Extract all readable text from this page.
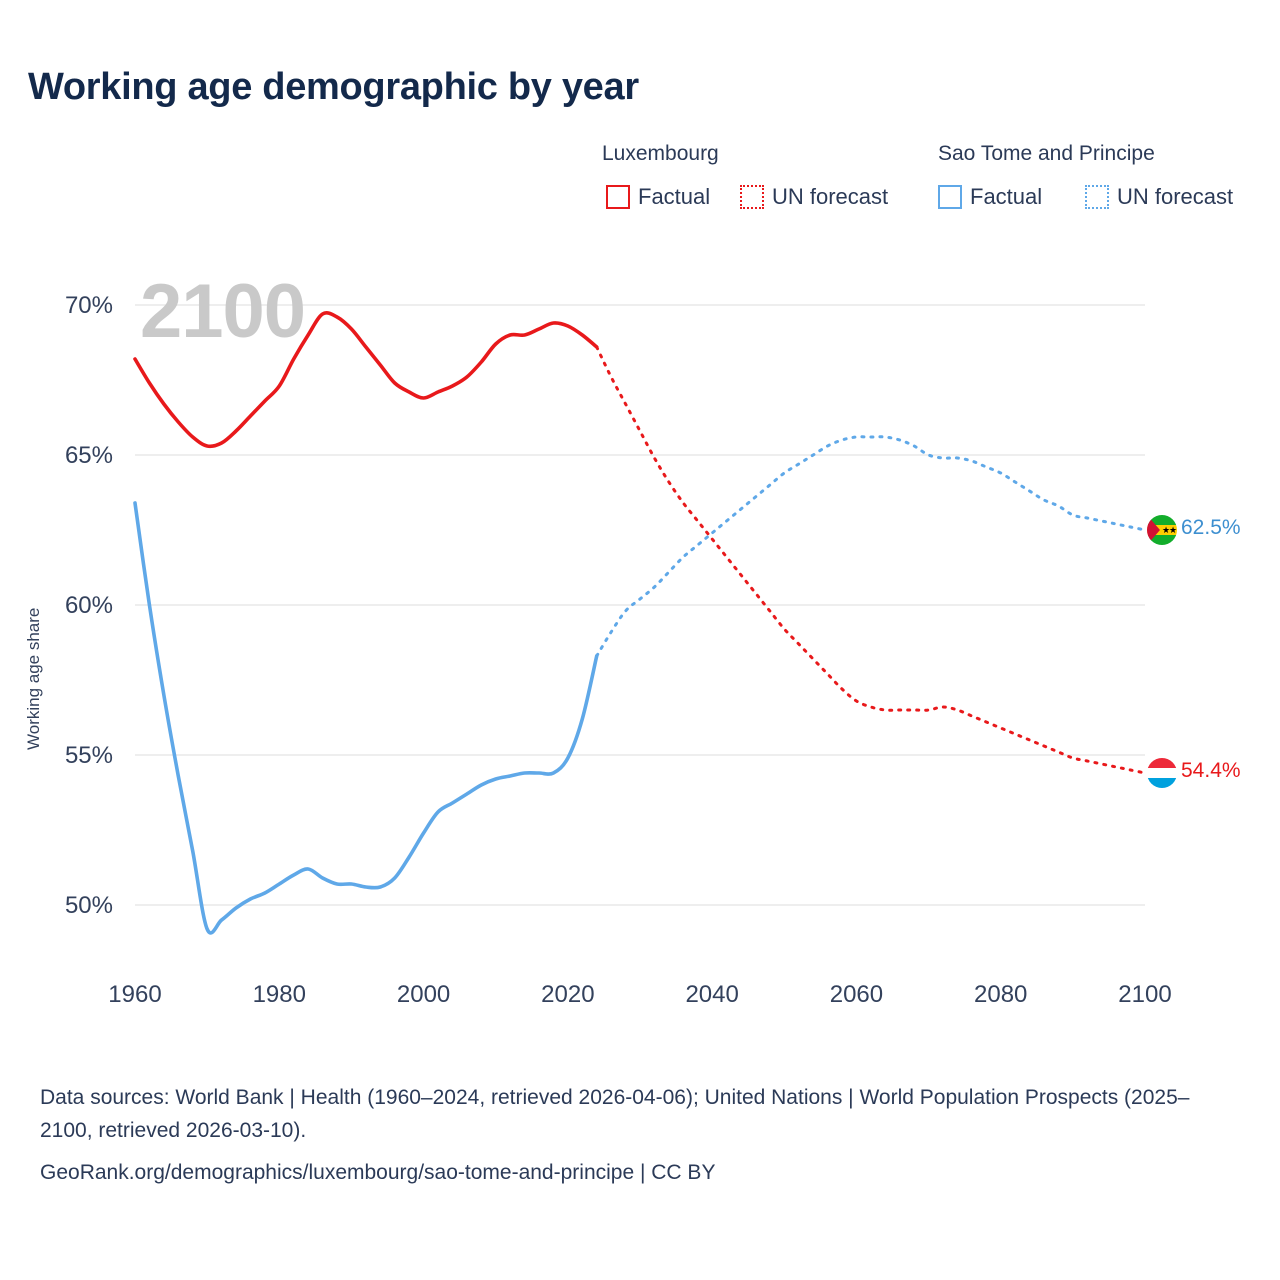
Working age demographic by year
Luxembourg	Sao Tome and Principe
Factual	UN forecast	Factual	UN forecast
2100
Working age share
50%
55%
60%
65%
70%
1960	1980	2000	2020	2040	2060	2080	2100
★
★ 62.5%
54.4%

Data sources: World Bank | Health (1960–2024, retrieved 2026-04-06); United Nations | World Population Prospects (2025–2100, retrieved 2026-03-10).

GeoRank.org/demographics/luxembourg/sao-tome-and-principe | CC BY
